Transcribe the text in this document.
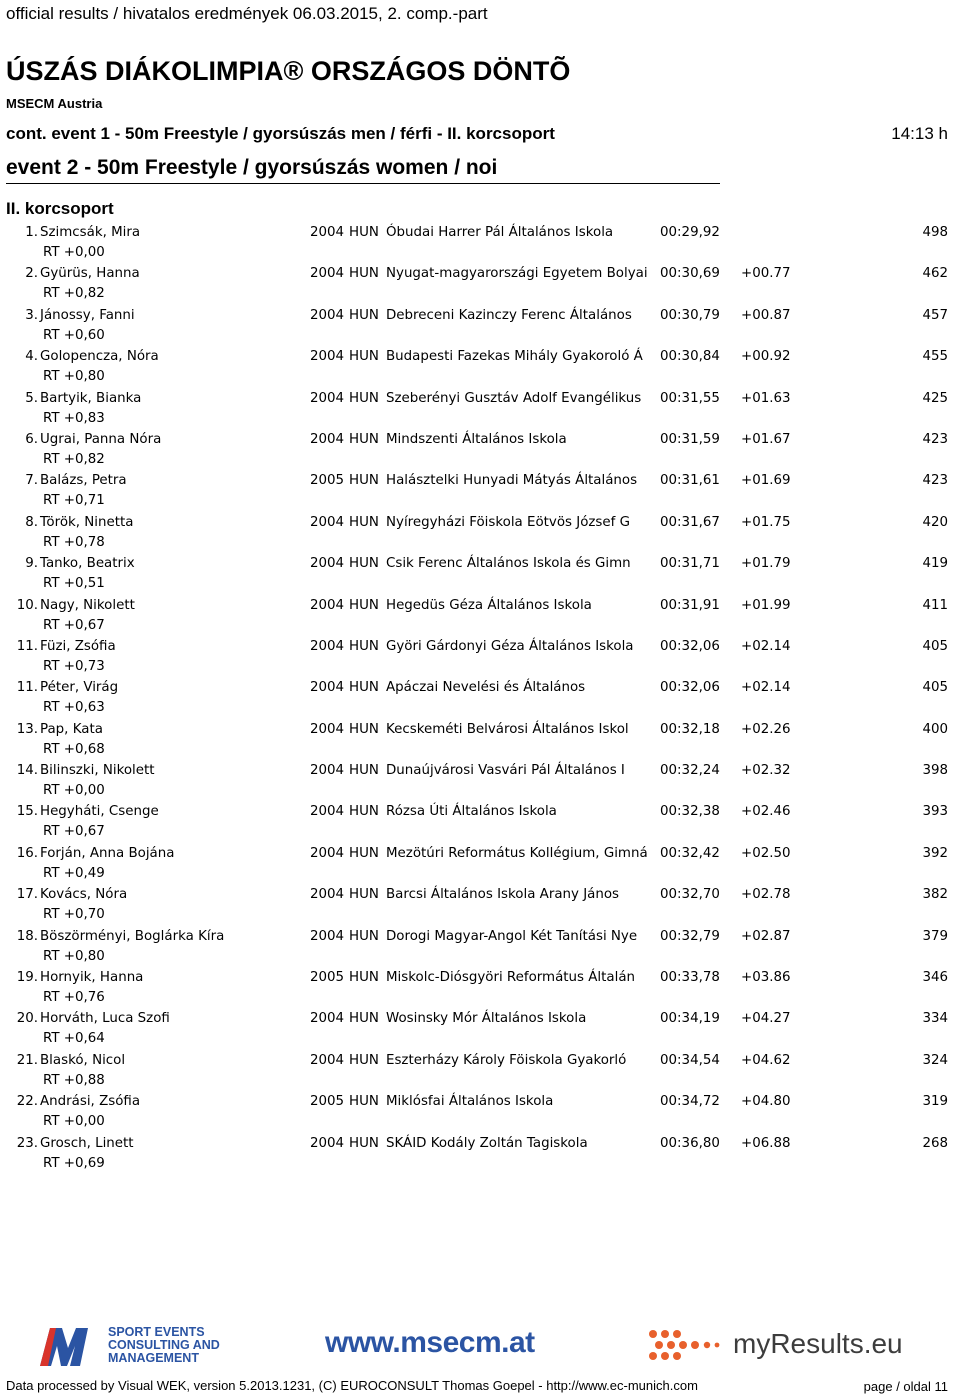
official results / hivatalos eredmények 06.03.2015, 2. comp.-part
ÚSZÁS DIÁKOLIMPIA® ORSZÁGOS DÖNTÕ
MSECM Austria
cont. event 1 - 50m Freestyle / gyorsúszás men / férfi - II. korcsoport	14:13 h
event 2 - 50m Freestyle / gyorsúszás women / noi
II. korcsoport
1. Szimcsák, Mira	2004 HUN Óbudai Harrer Pál Általános Iskola	00:29,92	498
RT +0,00
2. Gyürüs, Hanna	2004 HUN Nyugat-magyarországi Egyetem Bolyai 00:30,69 +00.77	462
RT +0,82
3. Jánossy, Fanni	2004 HUN Debreceni Kazinczy Ferenc Általános 00:30,79 +00.87	457
RT +0,60
4. Golopencza, Nóra	2004 HUN Budapesti Fazekas Mihály Gyakoroló Á 00:30,84 +00.92	455
RT +0,80
5. Bartyik, Bianka	2004 HUN Szeberényi Gusztáv Adolf Evangélikus 00:31,55 +01.63	425
RT +0,83
6. Ugrai, Panna Nóra	2004 HUN Mindszenti Általános Iskola	00:31,59 +01.67	423
RT +0,82
7. Balázs, Petra	2005 HUN Halásztelki Hunyadi Mátyás Általános 00:31,61 +01.69	423
RT +0,71
8. Török, Ninetta	2004 HUN Nyíregyházi Föiskola Eötvös József G 00:31,67 +01.75	420
RT +0,78
9. Tanko, Beatrix	2004 HUN Csik Ferenc Általános Iskola és Gimn 00:31,71 +01.79	419
RT +0,51
10. Nagy, Nikolett	2004 HUN Hegedüs Géza Általános Iskola	00:31,91 +01.99	411
RT +0,67
11. Füzi, Zsófia	2004 HUN Györi Gárdonyi Géza Általános Iskola 00:32,06 +02.14	405
RT +0,73
11. Péter, Virág	2004 HUN Apáczai Nevelési és Általános	00:32,06 +02.14	405
RT +0,63
13. Pap, Kata	2004 HUN Kecskeméti Belvárosi Általános Iskol 00:32,18 +02.26	400
RT +0,68
14. Bilinszki, Nikolett	2004 HUN Dunaújvárosi Vasvári Pál Általános I	00:32,24 +02.32	398
RT +0,00
15. Hegyháti, Csenge	2004 HUN Rózsa Úti Általános Iskola	00:32,38 +02.46	393
RT +0,67
16. Forján, Anna Bojána	2004 HUN Mezötúri Református Kollégium, Gimná 00:32,42 +02.50	392
RT +0,49
17. Kovács, Nóra	2004 HUN Barcsi Általános Iskola Arany János	00:32,70 +02.78	382
RT +0,70
18. Böszörményi, Boglárka Kíra	2004 HUN Dorogi Magyar-Angol Két Tanítási Nye 00:32,79 +02.87	379
RT +0,80
19. Hornyik, Hanna	2005 HUN Miskolc-Diósgyöri Református Általán 00:33,78 +03.86	346
RT +0,76
20. Horváth, Luca Szofi	2004 HUN Wosinsky Mór Általános Iskola	00:34,19 +04.27	334
RT +0,64
21. Blaskó, Nicol	2004 HUN Eszterházy Károly Föiskola Gyakorló	00:34,54 +04.62	324
RT +0,88
22. Andrási, Zsófia	2005 HUN Miklósfai Általános Iskola	00:34,72 +04.80	319
RT +0,00
23. Grosch, Linett	2004 HUN SKÁID Kodály Zoltán Tagiskola	00:36,80 +06.88	268
RT +0,69
SPORT EVENTS
CONSULTING AND
MANAGEMENT	www.msecm.at	myResults.eu
Data processed by Visual WEK, version 5.2013.1231, (C) EUROCONSULT Thomas Goepel - http://www.ec-munich.com	page / oldal 11
